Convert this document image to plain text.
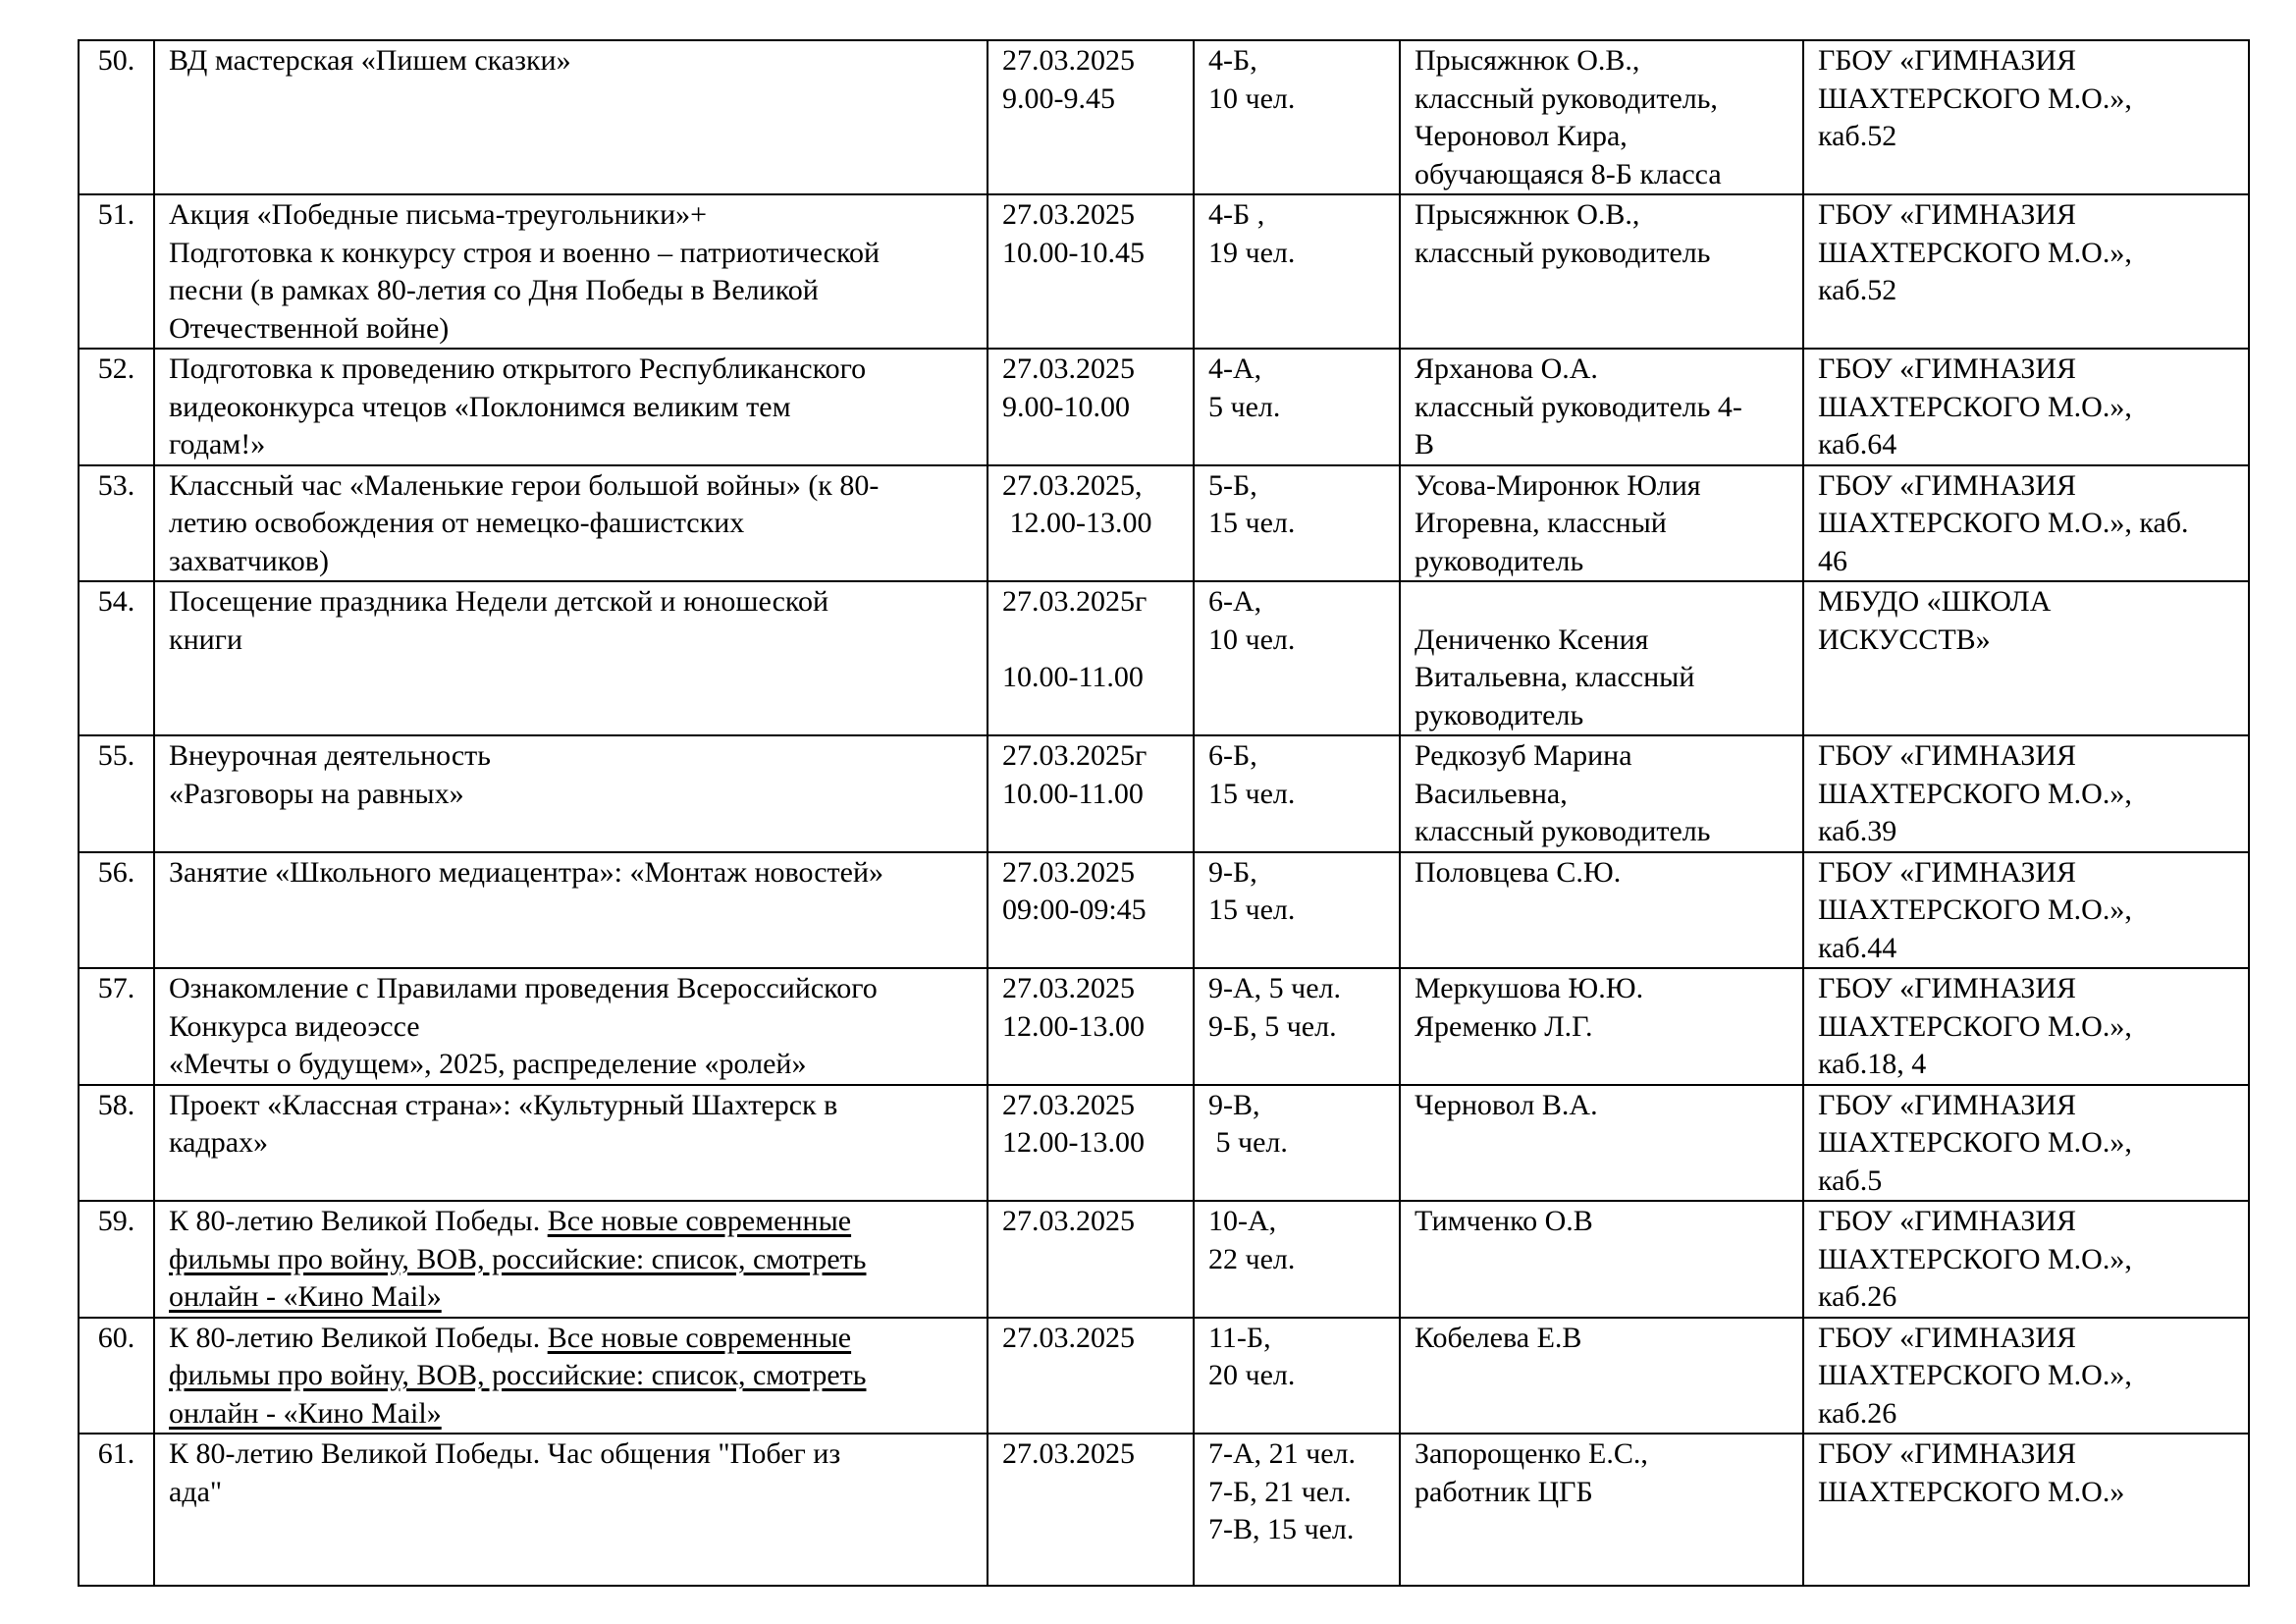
50.	ВД мастерская «Пишем сказки»	27.03.2025
9.00-9.45	4-Б,
10 чел.	Прысяжнюк О.В.,
классный руководитель,
Чероновол Кира,
обучающаяся 8-Б класса	ГБОУ «ГИМНАЗИЯ
ШАХТЕРСКОГО М.О.»,
каб.52

51.	Акция «Победные письма-треугольники»+
Подготовка к конкурсу строя и военно – патриотической
песни (в рамках 80-летия со Дня Победы в Великой
Отечественной войне)	27.03.2025
10.00-10.45	4-Б ,
19 чел.	Прысяжнюк О.В.,
классный руководитель	ГБОУ «ГИМНАЗИЯ
ШАХТЕРСКОГО М.О.»,
каб.52

52.	Подготовка к проведению открытого Республиканского
видеоконкурса чтецов «Поклонимся великим тем
годам!»	27.03.2025
9.00-10.00	4-А,
5 чел.	Ярханова О.А.
классный руководитель 4-
В	ГБОУ «ГИМНАЗИЯ
ШАХТЕРСКОГО М.О.»,
каб.64

53.	Классный час «Маленькие герои большой войны» (к 80-
летию освобождения от немецко-фашистских
захватчиков)	27.03.2025,
12.00-13.00	5-Б,
15 чел.	Усова-Миронюк Юлия
Игоревна, классный
руководитель	ГБОУ «ГИМНАЗИЯ
ШАХТЕРСКОГО М.О.», каб.
46

54.	Посещение праздника Недели детской и юношеской
книги	27.03.2025г
10.00-11.00	6-А,
10 чел.	Дениченко Ксения
Витальевна, классный
руководитель	МБУДО «ШКОЛА
ИСКУССТВ»

55.	Внеурочная деятельность
«Разговоры на равных»	27.03.2025г
10.00-11.00	6-Б,
15 чел.	Редкозуб Марина
Васильевна,
классный руководитель	ГБОУ «ГИМНАЗИЯ
ШАХТЕРСКОГО М.О.»,
каб.39

56.	Занятие «Школьного медиацентра»: «Монтаж новостей»	27.03.2025
09:00-09:45	9-Б,
15 чел.	Половцева С.Ю.	ГБОУ «ГИМНАЗИЯ
ШАХТЕРСКОГО М.О.»,
каб.44

57.	Ознакомление с Правилами проведения Всероссийского
Конкурса видеоэссе
«Мечты о будущем», 2025, распределение «ролей»	27.03.2025
12.00-13.00	9-А, 5 чел.
9-Б, 5 чел.	Меркушова Ю.Ю.
Яременко Л.Г.	ГБОУ «ГИМНАЗИЯ
ШАХТЕРСКОГО М.О.»,
каб.18, 4

58.	Проект «Классная страна»: «Культурный Шахтерск в
кадрах»	27.03.2025
12.00-13.00	9-В,
5 чел.	Черновол В.А.	ГБОУ «ГИМНАЗИЯ
ШАХТЕРСКОГО М.О.»,
каб.5

59.	К 80-летию Великой Победы. Все новые современные
фильмы про войну, ВОВ, российские: список, смотреть
онлайн - «Кино Mail»	27.03.2025	10-А,
22 чел.	Тимченко О.В	ГБОУ «ГИМНАЗИЯ
ШАХТЕРСКОГО М.О.»,
каб.26

60.	К 80-летию Великой Победы. Все новые современные
фильмы про войну, ВОВ, российские: список, смотреть
онлайн - «Кино Mail»	27.03.2025	11-Б,
20 чел.	Кобелева Е.В	ГБОУ «ГИМНАЗИЯ
ШАХТЕРСКОГО М.О.»,
каб.26

61.	К 80-летию Великой Победы. Час общения "Побег из
ада"	27.03.2025	7-А, 21 чел.
7-Б, 21 чел.
7-В, 15 чел.	Запорощенко Е.С.,
работник ЦГБ	ГБОУ «ГИМНАЗИЯ
ШАХТЕРСКОГО М.О.»
